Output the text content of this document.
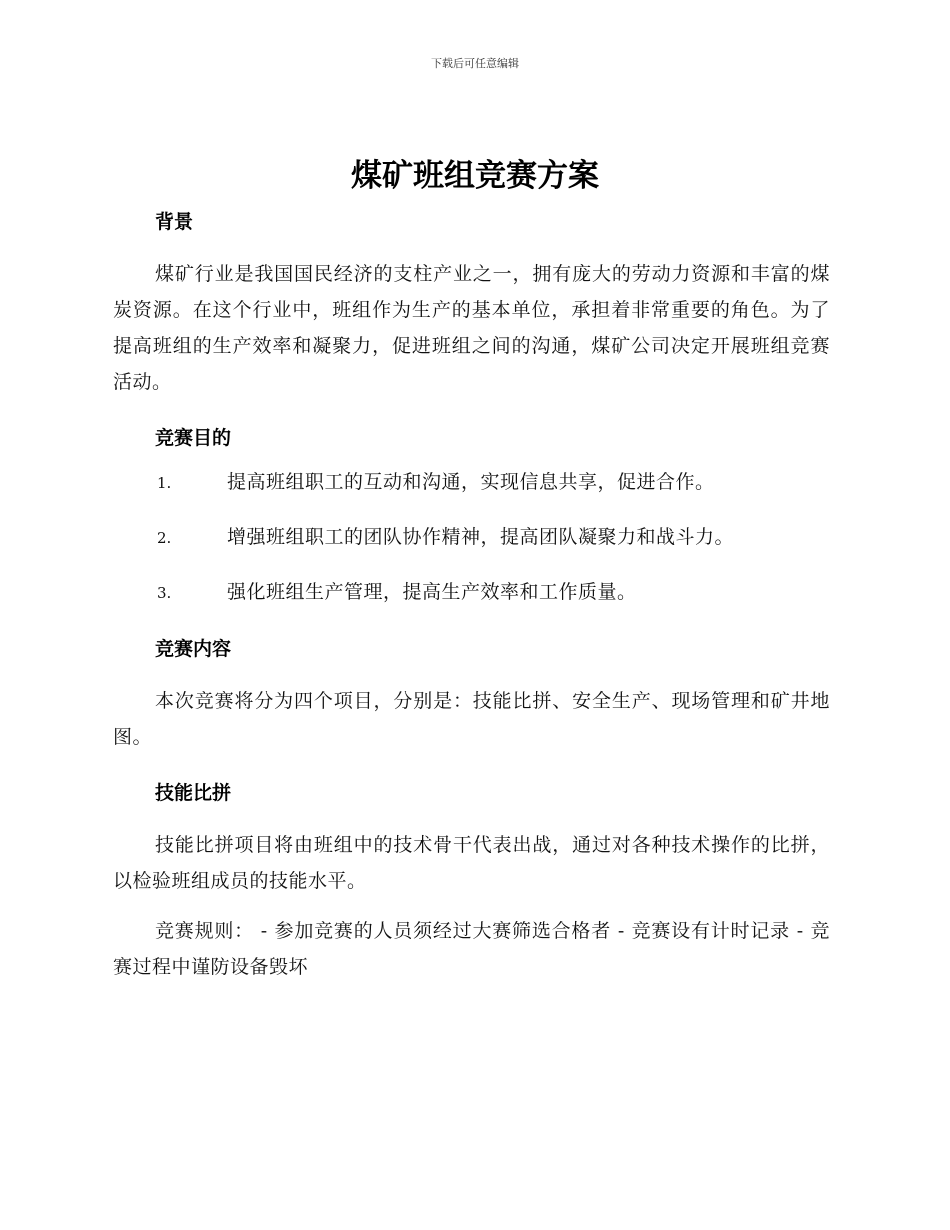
下载后可任意编辑
煤矿班组竞赛方案
背景

煤矿行业是我国国民经济的支柱产业之一，拥有庞大的劳动力资源和丰富的煤炭资源。在这个行业中，班组作为生产的基本单位，承担着非常重要的角色。为了提高班组的生产效率和凝聚力，促进班组之间的沟通，煤矿公司决定开展班组竞赛活动。

竞赛目的
1.	提高班组职工的互动和沟通，实现信息共享，促进合作。
2.	增强班组职工的团队协作精神，提高团队凝聚力和战斗力。
3.	强化班组生产管理，提高生产效率和工作质量。
竞赛内容

本次竞赛将分为四个项目，分别是：技能比拼、安全生产、现场管理和矿井地图。

技能比拼

技能比拼项目将由班组中的技术骨干代表出战，通过对各种技术操作的比拼，以检验班组成员的技能水平。

竞赛规则： - 参加竞赛的人员须经过大赛筛选合格者 - 竞赛设有计时记录 - 竞赛过程中谨防设备毁坏
